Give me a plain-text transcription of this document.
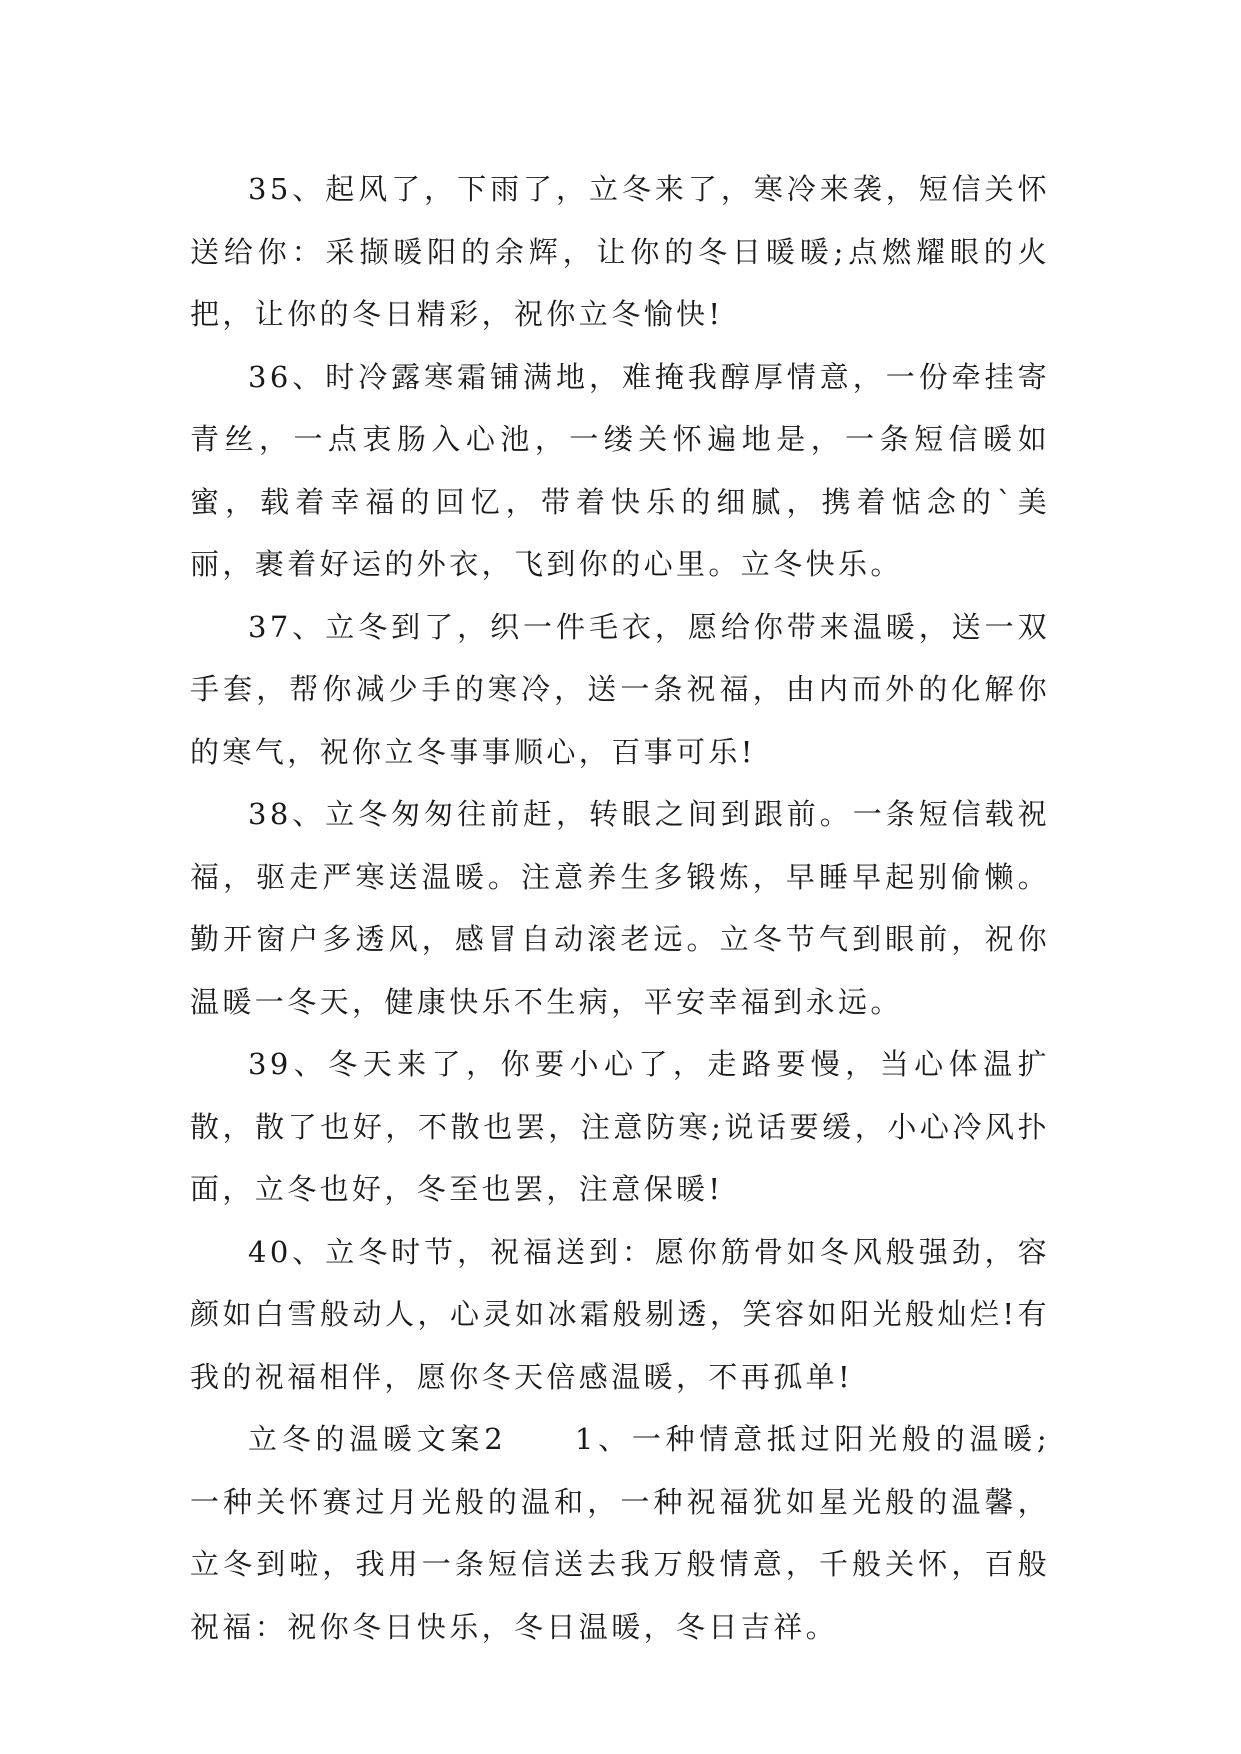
35、起风了，下雨了，立冬来了，寒冷来袭，短信关怀送给你：采撷暖阳的余辉，让你的冬日暖暖;点燃耀眼的火把，让你的冬日精彩，祝你立冬愉快!

36、时冷露寒霜铺满地，难掩我醇厚情意，一份牵挂寄青丝，一点衷肠入心池，一缕关怀遍地是，一条短信暖如蜜，载着幸福的回忆，带着快乐的细腻，携着惦念的`美丽，裹着好运的外衣，飞到你的心里。立冬快乐。

37、立冬到了，织一件毛衣，愿给你带来温暖，送一双手套，帮你减少手的寒冷，送一条祝福，由内而外的化解你的寒气，祝你立冬事事顺心，百事可乐!

38、立冬匆匆往前赶，转眼之间到跟前。一条短信载祝福，驱走严寒送温暖。注意养生多锻炼，早睡早起别偷懒。勤开窗户多透风，感冒自动滚老远。立冬节气到眼前，祝你温暖一冬天，健康快乐不生病，平安幸福到永远。

39、冬天来了，你要小心了，走路要慢，当心体温扩散，散了也好，不散也罢，注意防寒;说话要缓，小心冷风扑面，立冬也好，冬至也罢，注意保暖!

40、立冬时节，祝福送到：愿你筋骨如冬风般强劲，容颜如白雪般动人，心灵如冰霜般剔透，笑容如阳光般灿烂!有我的祝福相伴，愿你冬天倍感温暖，不再孤单!

立冬的温暖文案2　　1、一种情意抵过阳光般的温暖;一种关怀赛过月光般的温和，一种祝福犹如星光般的温馨，立冬到啦，我用一条短信送去我万般情意，千般关怀，百般祝福：祝你冬日快乐，冬日温暖，冬日吉祥。
